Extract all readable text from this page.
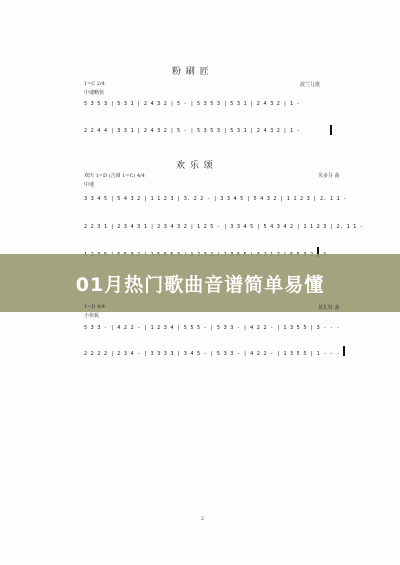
粉 刷 匠
1=C 2/4
中速略快
波兰儿歌
5 3 5 3 | 5 3 1 | 2 4 3 2 | 5 - | 5 3 5 3 | 5 3 1 | 2 4 3 2 | 1 -
2 2 4 4 | 3 3 1 | 2 4 3 2 | 5 - | 5 3 5 3 | 5 3 1 | 2 4 3 2 | 1 -
欢 乐 颂
欢庆 1=D (吉调 1=C) 4/4
中速
贝多芬 曲
3 3 4 5 | 5 4 3 2 | 1 1 2 3 | 3. 2 2 - | 3 3 4 5 | 5 4 3 2 | 1 1 2 3 | 2. 1 1 -
2 2 3 1 | 2 3 4 3 1 | 2 3 4 3 2 | 1 2 5 - | 3 3 4 5 | 5 4 3 4 2 | 1 1 2 3 | 2. 1 1 -
01月热门歌曲音谱简单易懂
1=D 4/4
小快板
莫扎特 曲
5 3 3 - | 4 2 2 - | 1 2 3 4 | 5 5 5 - | 5 3 3 - | 4 2 2 - | 1 3 5 5 | 3 - - -
2 2 2 2 | 2 3 4 - | 3 3 3 3 | 3 4 5 - | 5 3 3 - | 4 2 2 - | 1 3 5 5 | 1 - - -
2
